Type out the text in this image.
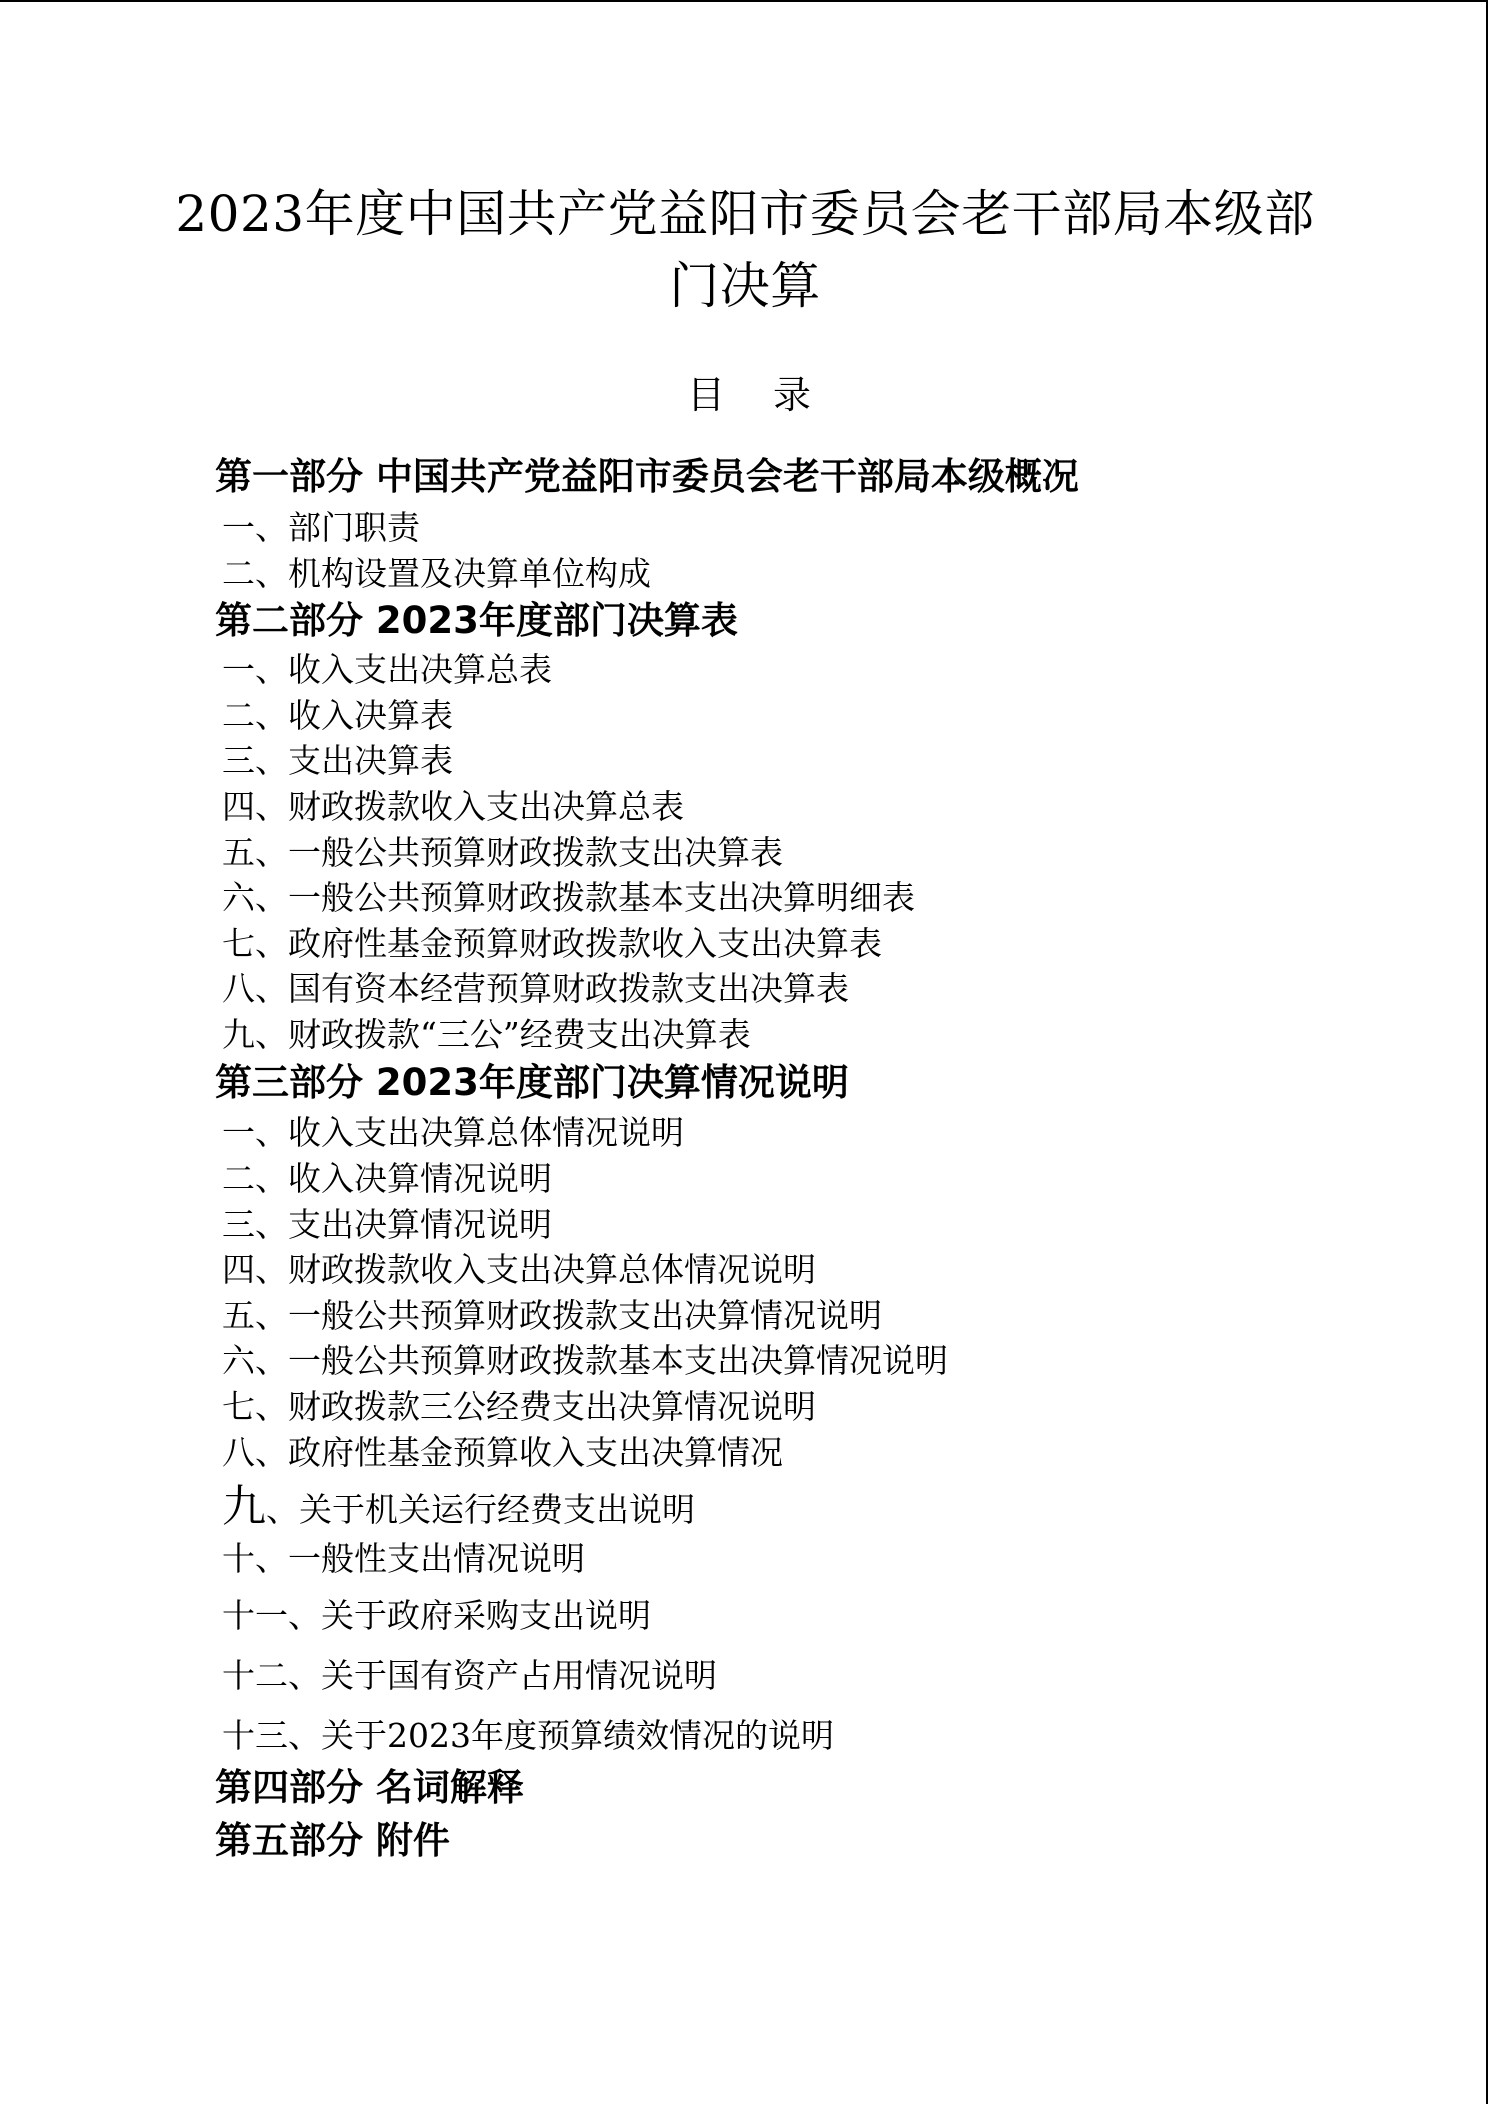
2023年度中国共产党益阳市委员会老干部局本级部
门决算
目 录
第一部分 中国共产党益阳市委员会老干部局本级概况
一、部门职责
二、机构设置及决算单位构成
第二部分 2023年度部门决算表
一、收入支出决算总表
二、收入决算表
三、支出决算表
四、财政拨款收入支出决算总表
五、一般公共预算财政拨款支出决算表
六、一般公共预算财政拨款基本支出决算明细表
七、政府性基金预算财政拨款收入支出决算表
八、国有资本经营预算财政拨款支出决算表
九、财政拨款“三公”经费支出决算表
第三部分 2023年度部门决算情况说明
一、收入支出决算总体情况说明
二、收入决算情况说明
三、支出决算情况说明
四、财政拨款收入支出决算总体情况说明
五、一般公共预算财政拨款支出决算情况说明
六、一般公共预算财政拨款基本支出决算情况说明
七、财政拨款三公经费支出决算情况说明
八、政府性基金预算收入支出决算情况
九、关于机关运行经费支出说明
十、一般性支出情况说明
十一、关于政府采购支出说明
十二、关于国有资产占用情况说明
十三、关于2023年度预算绩效情况的说明
第四部分 名词解释
第五部分 附件
